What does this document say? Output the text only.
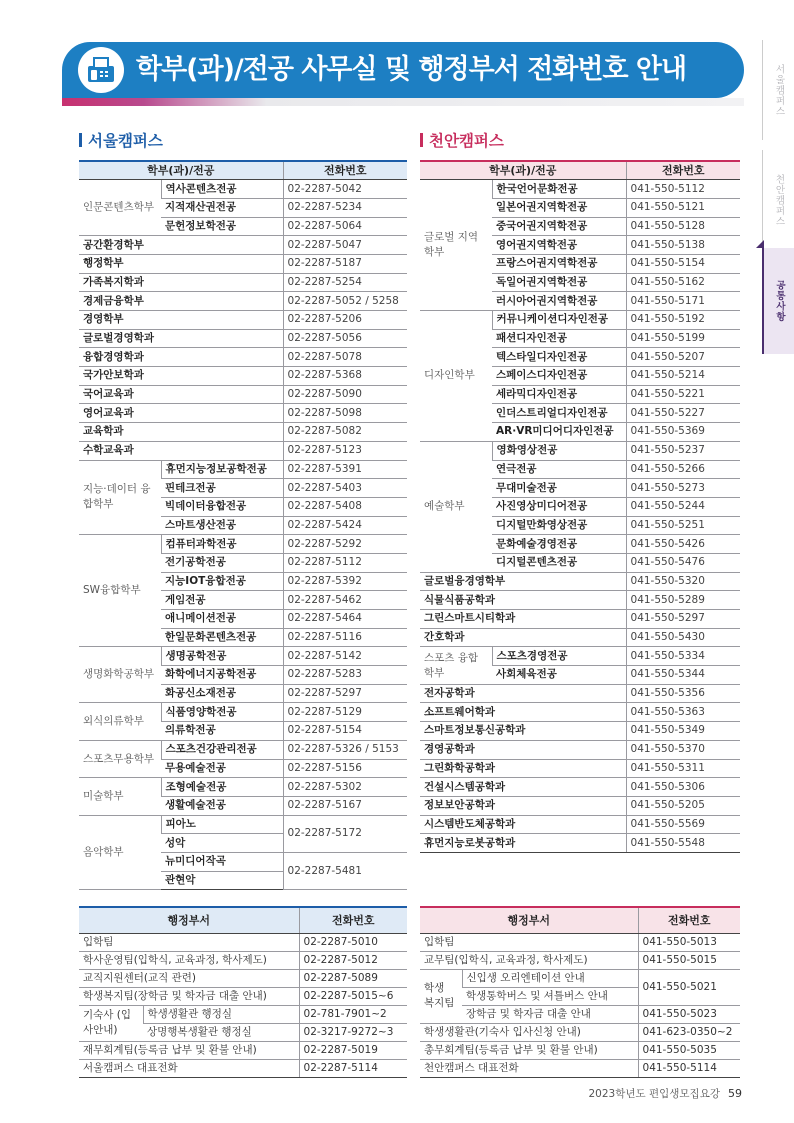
학부(과)/전공 사무실 및 행정부서 전화번호 안내	서울캠퍼스
천안캠퍼스
공통사항
서울캠퍼스	천안캠퍼스
학부(과)/전공		전화번호
인문콘텐츠학부	역사콘텐츠전공	02-2287-5042
	지적재산권전공	02-2287-5234
	문헌정보학전공	02-2287-5064
공간환경학부		02-2287-5047
행정학부		02-2287-5187
가족복지학과		02-2287-5254
경제금융학부		02-2287-5052 / 5258
경영학부		02-2287-5206
글로벌경영학과		02-2287-5056
융합경영학과		02-2287-5078
국가안보학과		02-2287-5368
국어교육과		02-2287-5090
영어교육과		02-2287-5098
교육학과		02-2287-5082
수학교육과		02-2287-5123
지능·데이터 융합학부	휴먼지능정보공학전공	02-2287-5391
	핀테크전공	02-2287-5403
	빅데이터융합전공	02-2287-5408
	스마트생산전공	02-2287-5424
SW융합학부	컴퓨터과학전공	02-2287-5292
	전기공학전공	02-2287-5112
	지능IOT융합전공	02-2287-5392
	게임전공	02-2287-5462
	애니메이션전공	02-2287-5464
	한일문화콘텐츠전공	02-2287-5116
생명화학공학부	생명공학전공	02-2287-5142
	화학에너지공학전공	02-2287-5283
	화공신소재전공	02-2287-5297
외식의류학부	식품영양학전공	02-2287-5129
	의류학전공	02-2287-5154
스포츠무용학부	스포츠건강관리전공	02-2287-5326 / 5153
	무용예술전공	02-2287-5156
미술학부	조형예술전공	02-2287-5302
	생활예술전공	02-2287-5167
음악학부	피아노	02-2287-5172
	성악	
	뉴미디어작곡	02-2287-5481
	관현악	
학부(과)/전공		전화번호
글로벌 지역학부	한국언어문화전공	041-550-5112
	일본어권지역학전공	041-550-5121
	중국어권지역학전공	041-550-5128
	영어권지역학전공	041-550-5138
	프랑스어권지역학전공	041-550-5154
	독일어권지역학전공	041-550-5162
	러시아어권지역학전공	041-550-5171
디자인학부	커뮤니케이션디자인전공	041-550-5192
	패션디자인전공	041-550-5199
	텍스타일디자인전공	041-550-5207
	스페이스디자인전공	041-550-5214
	세라믹디자인전공	041-550-5221
	인더스트리얼디자인전공	041-550-5227
	AR·VR미디어디자인전공	041-550-5369
예술학부	영화영상전공	041-550-5237
	연극전공	041-550-5266
	무대미술전공	041-550-5273
	사진영상미디어전공	041-550-5244
	디지털만화영상전공	041-550-5251
	문화예술경영전공	041-550-5426
	디지털콘텐츠전공	041-550-5476
글로벌융경영학부		041-550-5320
식물식품공학과		041-550-5289
그린스마트시티학과		041-550-5297
간호학과		041-550-5430
스포츠 융합학부	스포츠경영전공	041-550-5334
	사회체육전공	041-550-5344
전자공학과		041-550-5356
소프트웨어학과		041-550-5363
스마트정보통신공학과		041-550-5349
경영공학과		041-550-5370
그린화학공학과		041-550-5311
건설시스템공학과		041-550-5306
정보보안공학과		041-550-5205
시스템반도체공학과		041-550-5569
휴먼지능로봇공학과		041-550-5548
행정부서		전화번호
입학팀		02-2287-5010
학사운영팀(입학식, 교육과정, 학사제도)		02-2287-5012
교직지원센터(교직 관련)		02-2287-5089
학생복지팀(장학금 및 학자금 대출 안내)		02-2287-5015~6
기숙사 (입사안내)	학생생활관 행정실	02-781-7901~2
	상명행복생활관 행정실	02-3217-9272~3
재무회계팀(등록금 납부 및 환불 안내)		02-2287-5019
서울캠퍼스 대표전화		02-2287-5114
행정부서		전화번호
입학팀		041-550-5013
교무팀(입학식, 교육과정, 학사제도)		041-550-5015
학생 복지팀	신입생 오리엔테이션 안내	041-550-5021
	학생통학버스 및 셔틀버스 안내	
	장학금 및 학자금 대출 안내	041-550-5023
학생생활관(기숙사 입사신청 안내)		041-623-0350~2
총무회계팀(등록금 납부 및 환불 안내)		041-550-5035
천안캠퍼스 대표전화		041-550-5114
2023학년도 편입생모집요강 59
